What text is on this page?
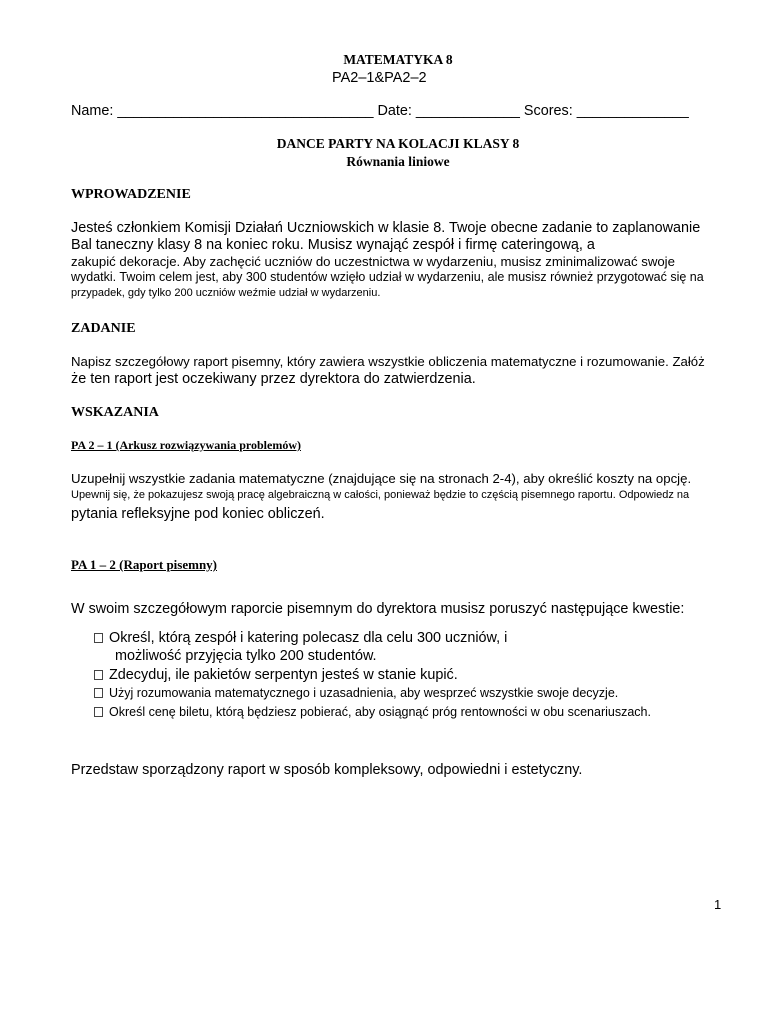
MATEMATYKA 8
PA2–1&PA2–2
Name: ________________________________ Date: _____________ Scores: ______________
DANCE PARTY NA KOLACJI KLASY 8
Równania liniowe
WPROWADZENIE
Jesteś członkiem Komisji Działań Uczniowskich w klasie 8. Twoje obecne zadanie to zaplanowanie
Bal taneczny klasy 8 na koniec roku. Musisz wynająć zespół i firmę cateringową, a
zakupić dekoracje. Aby zachęcić uczniów do uczestnictwa w wydarzeniu, musisz zminimalizować swoje
wydatki. Twoim celem jest, aby 300 studentów wzięło udział w wydarzeniu, ale musisz również przygotować się na
przypadek, gdy tylko 200 uczniów weźmie udział w wydarzeniu.
ZADANIE
Napisz szczegółowy raport pisemny, który zawiera wszystkie obliczenia matematyczne i rozumowanie. Załóż
że ten raport jest oczekiwany przez dyrektora do zatwierdzenia.
WSKAZANIA
PA 2 – 1 (Arkusz rozwiązywania problemów)
Uzupełnij wszystkie zadania matematyczne (znajdujące się na stronach 2-4), aby określić koszty na opcję.
Upewnij się, że pokazujesz swoją pracę algebraiczną w całości, ponieważ będzie to częścią pisemnego raportu. Odpowiedz na
pytania refleksyjne pod koniec obliczeń.
PA 1 – 2 (Raport pisemny)
W swoim szczegółowym raporcie pisemnym do dyrektora musisz poruszyć następujące kwestie:
Określ, którą zespół i katering polecasz dla celu 300 uczniów, i
możliwość przyjęcia tylko 200 studentów.
Zdecyduj, ile pakietów serpentyn jesteś w stanie kupić.
Użyj rozumowania matematycznego i uzasadnienia, aby wesprzeć wszystkie swoje decyzje.
Określ cenę biletu, którą będziesz pobierać, aby osiągnąć próg rentowności w obu scenariuszach.
Przedstaw sporządzony raport w sposób kompleksowy, odpowiedni i estetyczny.
1
